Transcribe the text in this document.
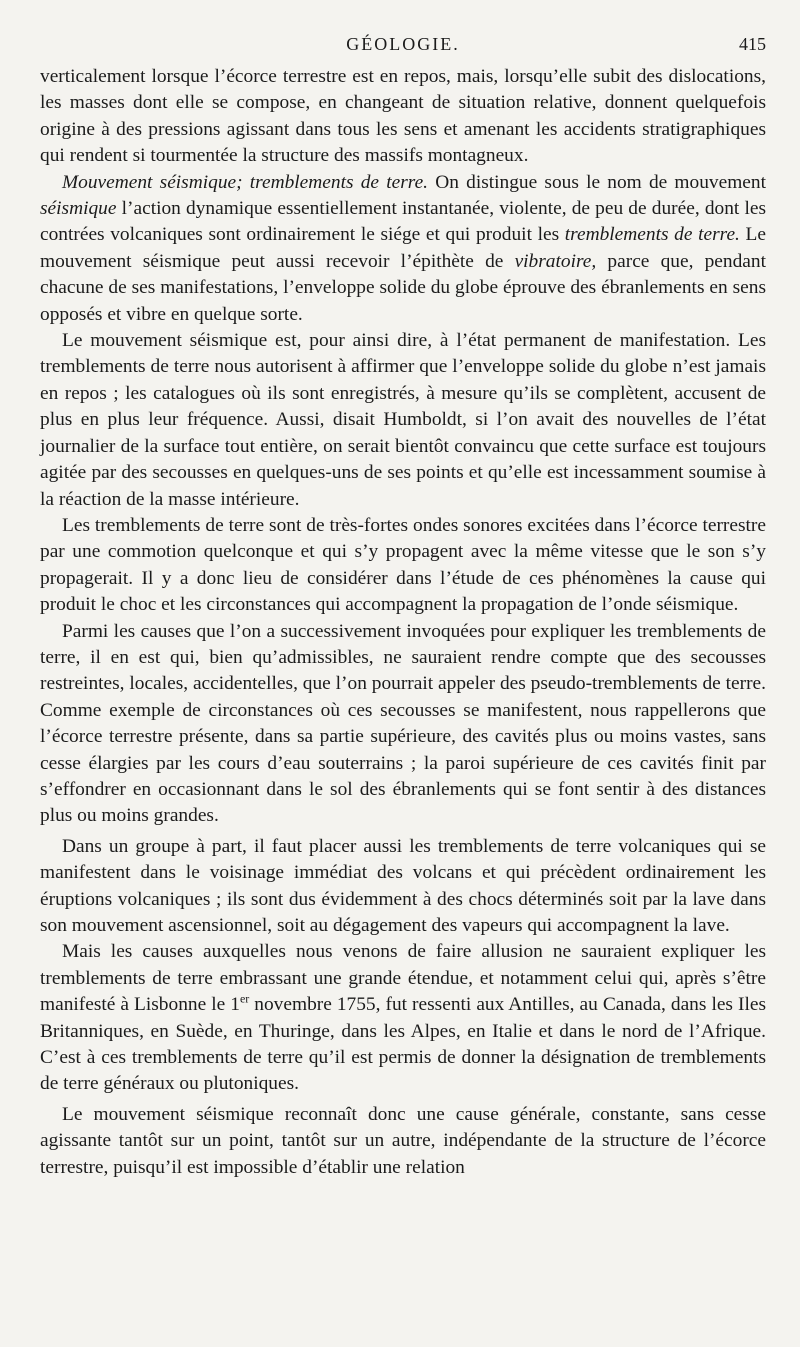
GÉOLOGIE.	415

verticalement lorsque l’écorce terrestre est en repos, mais, lorsqu’elle subit des dislocations, les masses dont elle se compose, en changeant de situation relative, donnent quelquefois origine à des pressions agissant dans tous les sens et amenant les accidents stratigraphiques qui rendent si tourmentée la structure des massifs montagneux.

Mouvement séismique; tremblements de terre. On distingue sous le nom de mouvement séismique l’action dynamique essentiellement instantanée, violente, de peu de durée, dont les contrées volcaniques sont ordinairement le siége et qui produit les tremblements de terre. Le mouvement séismique peut aussi recevoir l’épithète de vibratoire, parce que, pendant chacune de ses manifestations, l’enveloppe solide du globe éprouve des ébranlements en sens opposés et vibre en quelque sorte.

Le mouvement séismique est, pour ainsi dire, à l’état permanent de manifestation. Les tremblements de terre nous autorisent à affirmer que l’enveloppe solide du globe n’est jamais en repos ; les catalogues où ils sont enregistrés, à mesure qu’ils se complètent, accusent de plus en plus leur fréquence. Aussi, disait Humboldt, si l’on avait des nouvelles de l’état journalier de la surface tout entière, on serait bientôt convaincu que cette surface est toujours agitée par des secousses en quelques-uns de ses points et qu’elle est incessamment soumise à la réaction de la masse intérieure.

Les tremblements de terre sont de très-fortes ondes sonores excitées dans l’écorce terrestre par une commotion quelconque et qui s’y propagent avec la même vitesse que le son s’y propagerait. Il y a donc lieu de considérer dans l’étude de ces phénomènes la cause qui produit le choc et les circonstances qui accompagnent la propagation de l’onde séismique.

Parmi les causes que l’on a successivement invoquées pour expliquer les tremblements de terre, il en est qui, bien qu’admissibles, ne sauraient rendre compte que des secousses restreintes, locales, accidentelles, que l’on pourrait appeler des pseudo-tremblements de terre. Comme exemple de circonstances où ces secousses se manifestent, nous rappellerons que l’écorce terrestre présente, dans sa partie supérieure, des cavités plus ou moins vastes, sans cesse élargies par les cours d’eau souterrains ; la paroi supérieure de ces cavités finit par s’effondrer en occasionnant dans le sol des ébranlements qui se font sentir à des distances plus ou moins grandes.

Dans un groupe à part, il faut placer aussi les tremblements de terre volcaniques qui se manifestent dans le voisinage immédiat des volcans et qui précèdent ordinairement les éruptions volcaniques ; ils sont dus évidemment à des chocs déterminés soit par la lave dans son mouvement ascensionnel, soit au dégagement des vapeurs qui accompagnent la lave.

Mais les causes auxquelles nous venons de faire allusion ne sauraient expliquer les tremblements de terre embrassant une grande étendue, et notamment celui qui, après s’être manifesté à Lisbonne le 1er novembre 1755, fut ressenti aux Antilles, au Canada, dans les Iles Britanniques, en Suède, en Thuringe, dans les Alpes, en Italie et dans le nord de l’Afrique. C’est à ces tremblements de terre qu’il est permis de donner la désignation de tremblements de terre généraux ou plutoniques.

Le mouvement séismique reconnaît donc une cause générale, constante, sans cesse agissante tantôt sur un point, tantôt sur un autre, indépendante de la structure de l’écorce terrestre, puisqu’il est impossible d’établir une relation
